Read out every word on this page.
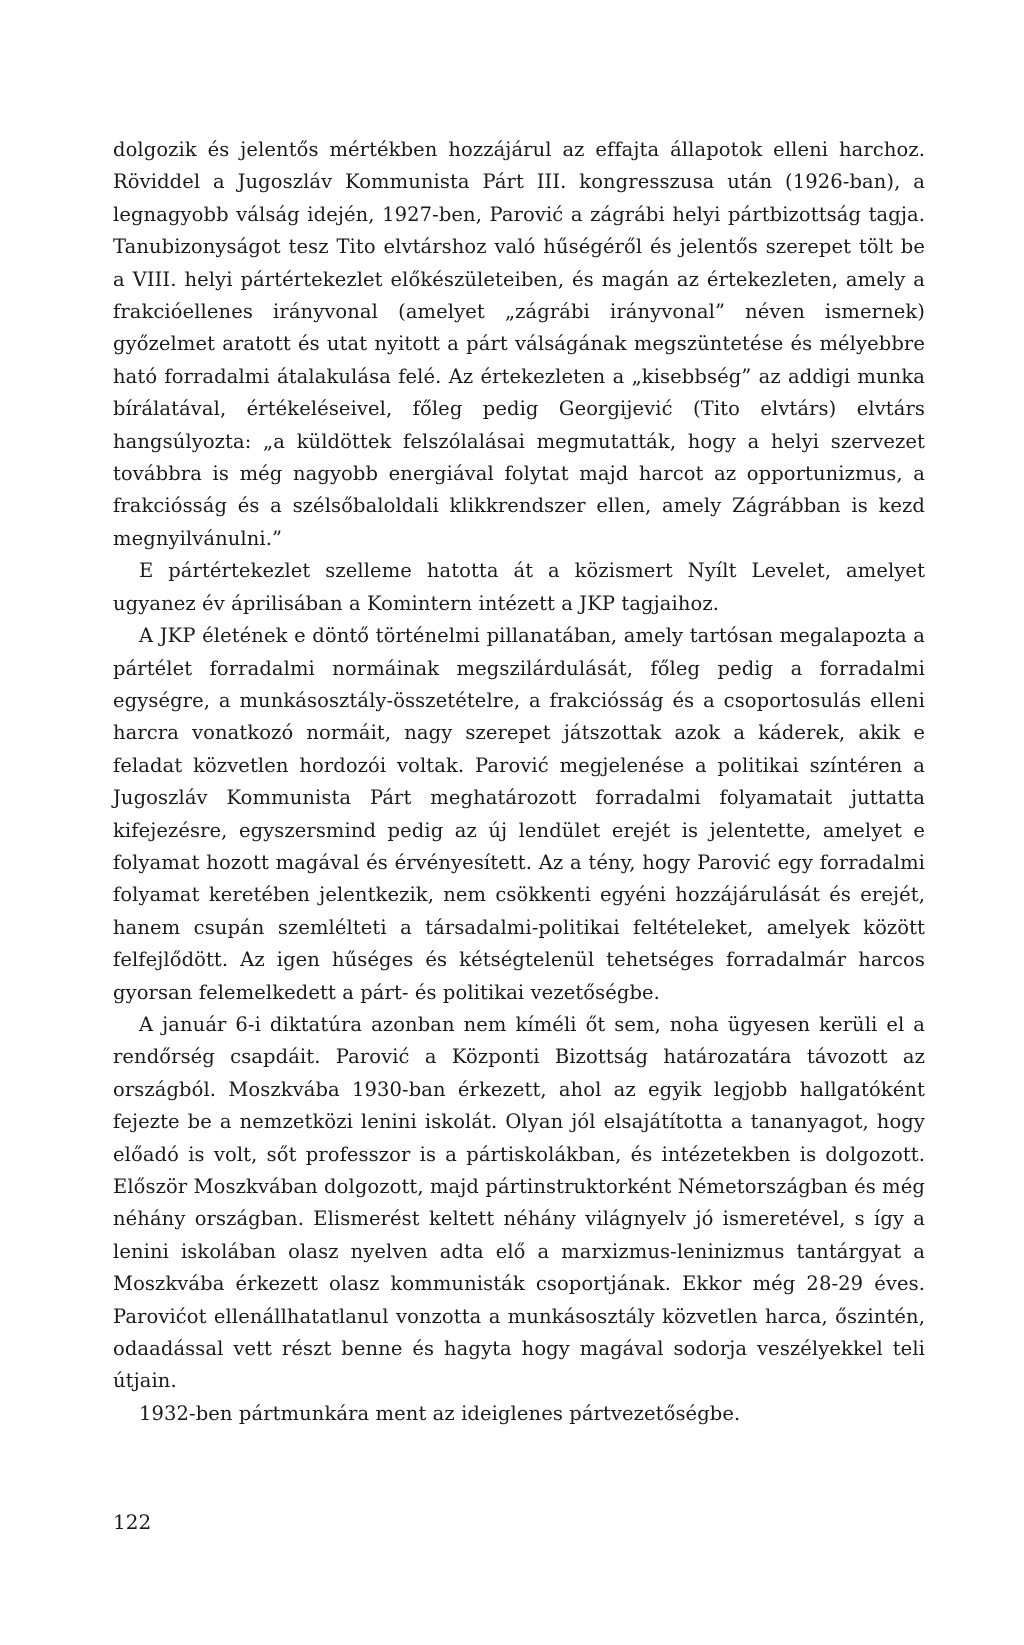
dolgozik és jelentős mértékben hozzájárul az effajta állapotok elleni harchoz. Röviddel a Jugoszláv Kommunista Párt III. kongresszusa után (1926-ban), a legnagyobb válság idején, 1927-ben, Parović a zágrábi helyi pártbizottság tagja. Tanubizonyságot tesz Tito elvtárshoz való hűségéről és jelentős szerepet tölt be a VIII. helyi pártértekezlet előkészületeiben, és magán az értekezleten, amely a frakcióellenes irányvonal (amelyet „zágrábi irányvonal” néven ismernek) győzelmet aratott és utat nyitott a párt válságának megszüntetése és mélyebbre ható forradalmi átalakulása felé. Az értekezleten a „kisebbség” az addigi munka bírálatával, értékeléseivel, főleg pedig Georgijević (Tito elvtárs) elvtárs hangsúlyozta: „a küldöttek felszólalásai megmutatták, hogy a helyi szervezet továbbra is még nagyobb energiával folytat majd harcot az opportunizmus, a frakciósság és a szélsőbaloldali klikkrendszer ellen, amely Zágrábban is kezd megnyilvánulni.”

E pártértekezlet szelleme hatotta át a közismert Nyílt Levelet, amelyet ugyanez év áprilisában a Komintern intézett a JKP tagjaihoz.

A JKP életének e döntő történelmi pillanatában, amely tartósan megalapozta a pártélet forradalmi normáinak megszilárdulását, főleg pedig a forradalmi egységre, a munkásosztály-összetételre, a frakciósság és a csoportosulás elleni harcra vonatkozó normáit, nagy szerepet játszottak azok a káderek, akik e feladat közvetlen hordozói voltak. Parović megjelenése a politikai színtéren a Jugoszláv Kommunista Párt meghatározott forradalmi folyamatait juttatta kifejezésre, egyszersmind pedig az új lendület erejét is jelentette, amelyet e folyamat hozott magával és érvényesített. Az a tény, hogy Parović egy forradalmi folyamat keretében jelentkezik, nem csökkenti egyéni hozzájárulását és erejét, hanem csupán szemlélteti a társadalmi-politikai feltételeket, amelyek között felfejlődött. Az igen hűséges és kétségtelenül tehetséges forradalmár harcos gyorsan felemelkedett a párt- és politikai vezetőségbe.

A január 6-i diktatúra azonban nem kíméli őt sem, noha ügyesen kerüli el a rendőrség csapdáit. Parović a Központi Bizottság határozatára távozott az országból. Moszkvába 1930-ban érkezett, ahol az egyik legjobb hallgatóként fejezte be a nemzetközi lenini iskolát. Olyan jól elsajátította a tananyagot, hogy előadó is volt, sőt professzor is a pártiskolákban, és intézetekben is dolgozott. Először Moszkvában dolgozott, majd pártinstruktorként Németországban és még néhány országban. Elismerést keltett néhány világnyelv jó ismeretével, s így a lenini iskolában olasz nyelven adta elő a marxizmus-leninizmus tantárgyat a Moszkvába érkezett olasz kommunisták csoportjának. Ekkor még 28-29 éves. Parovićot ellenállhatatlanul vonzotta a munkásosztály közvetlen harca, őszintén, odaadással vett részt benne és hagyta hogy magával sodorja veszélyekkel teli útjain.

1932-ben pártmunkára ment az ideiglenes pártvezetőségbe.

122
